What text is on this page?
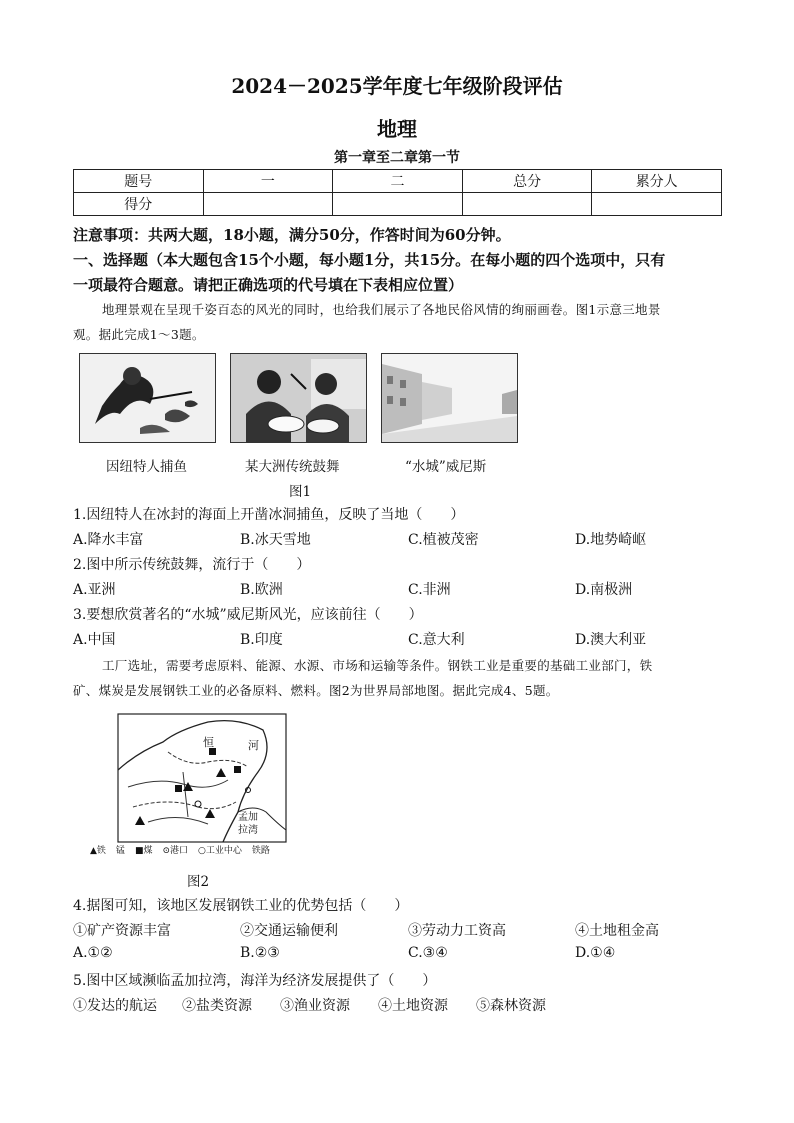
2024－2025学年度七年级阶段评估
地理
第一章至二章第一节
题号	一	二	总分	累分人
得分				
注意事项：共两大题，18小题，满分50分，作答时间为60分钟。
一、选择题（本大题包含15个小题，每小题1分，共15分。在每小题的四个选项中，只有
一项最符合题意。请把正确选项的代号填在下表相应位置）
地理景观在呈现千姿百态的风光的同时，也给我们展示了各地民俗风情的绚丽画卷。图1示意三地景
观。据此完成1～3题。
因纽特人捕鱼	某大洲传统鼓舞	“水城”威尼斯
图1
1.因纽特人在冰封的海面上开凿冰洞捕鱼，反映了当地（　　）
A.降水丰富	B.冰天雪地	C.植被茂密	D.地势崎岖
2.图中所示传统鼓舞，流行于（　　）
A.亚洲	B.欧洲	C.非洲	D.南极洲
3.要想欣赏著名的“水城”威尼斯风光，应该前往（　　）
A.中国	B.印度	C.意大利	D.澳大利亚
工厂选址，需要考虑原料、能源、水源、市场和运输等条件。钢铁工业是重要的基础工业部门，铁
矿、煤炭是发展钢铁工业的必备原料、燃料。图2为世界局部地图。据此完成4、5题。
恒	河
孟加
拉湾
▲铁 锰 ■煤 ⊙港口 ○工业中心 铁路
图2
4.据图可知，该地区发展钢铁工业的优势包括（　　）
①矿产资源丰富	②交通运输便利	③劳动力工资高	④土地租金高
A.①②	B.②③	C.③④	D.①④
5.图中区域濒临孟加拉湾，海洋为经济发展提供了（　　）
①发达的航运 ②盐类资源 ③渔业资源 ④土地资源 ⑤森林资源
